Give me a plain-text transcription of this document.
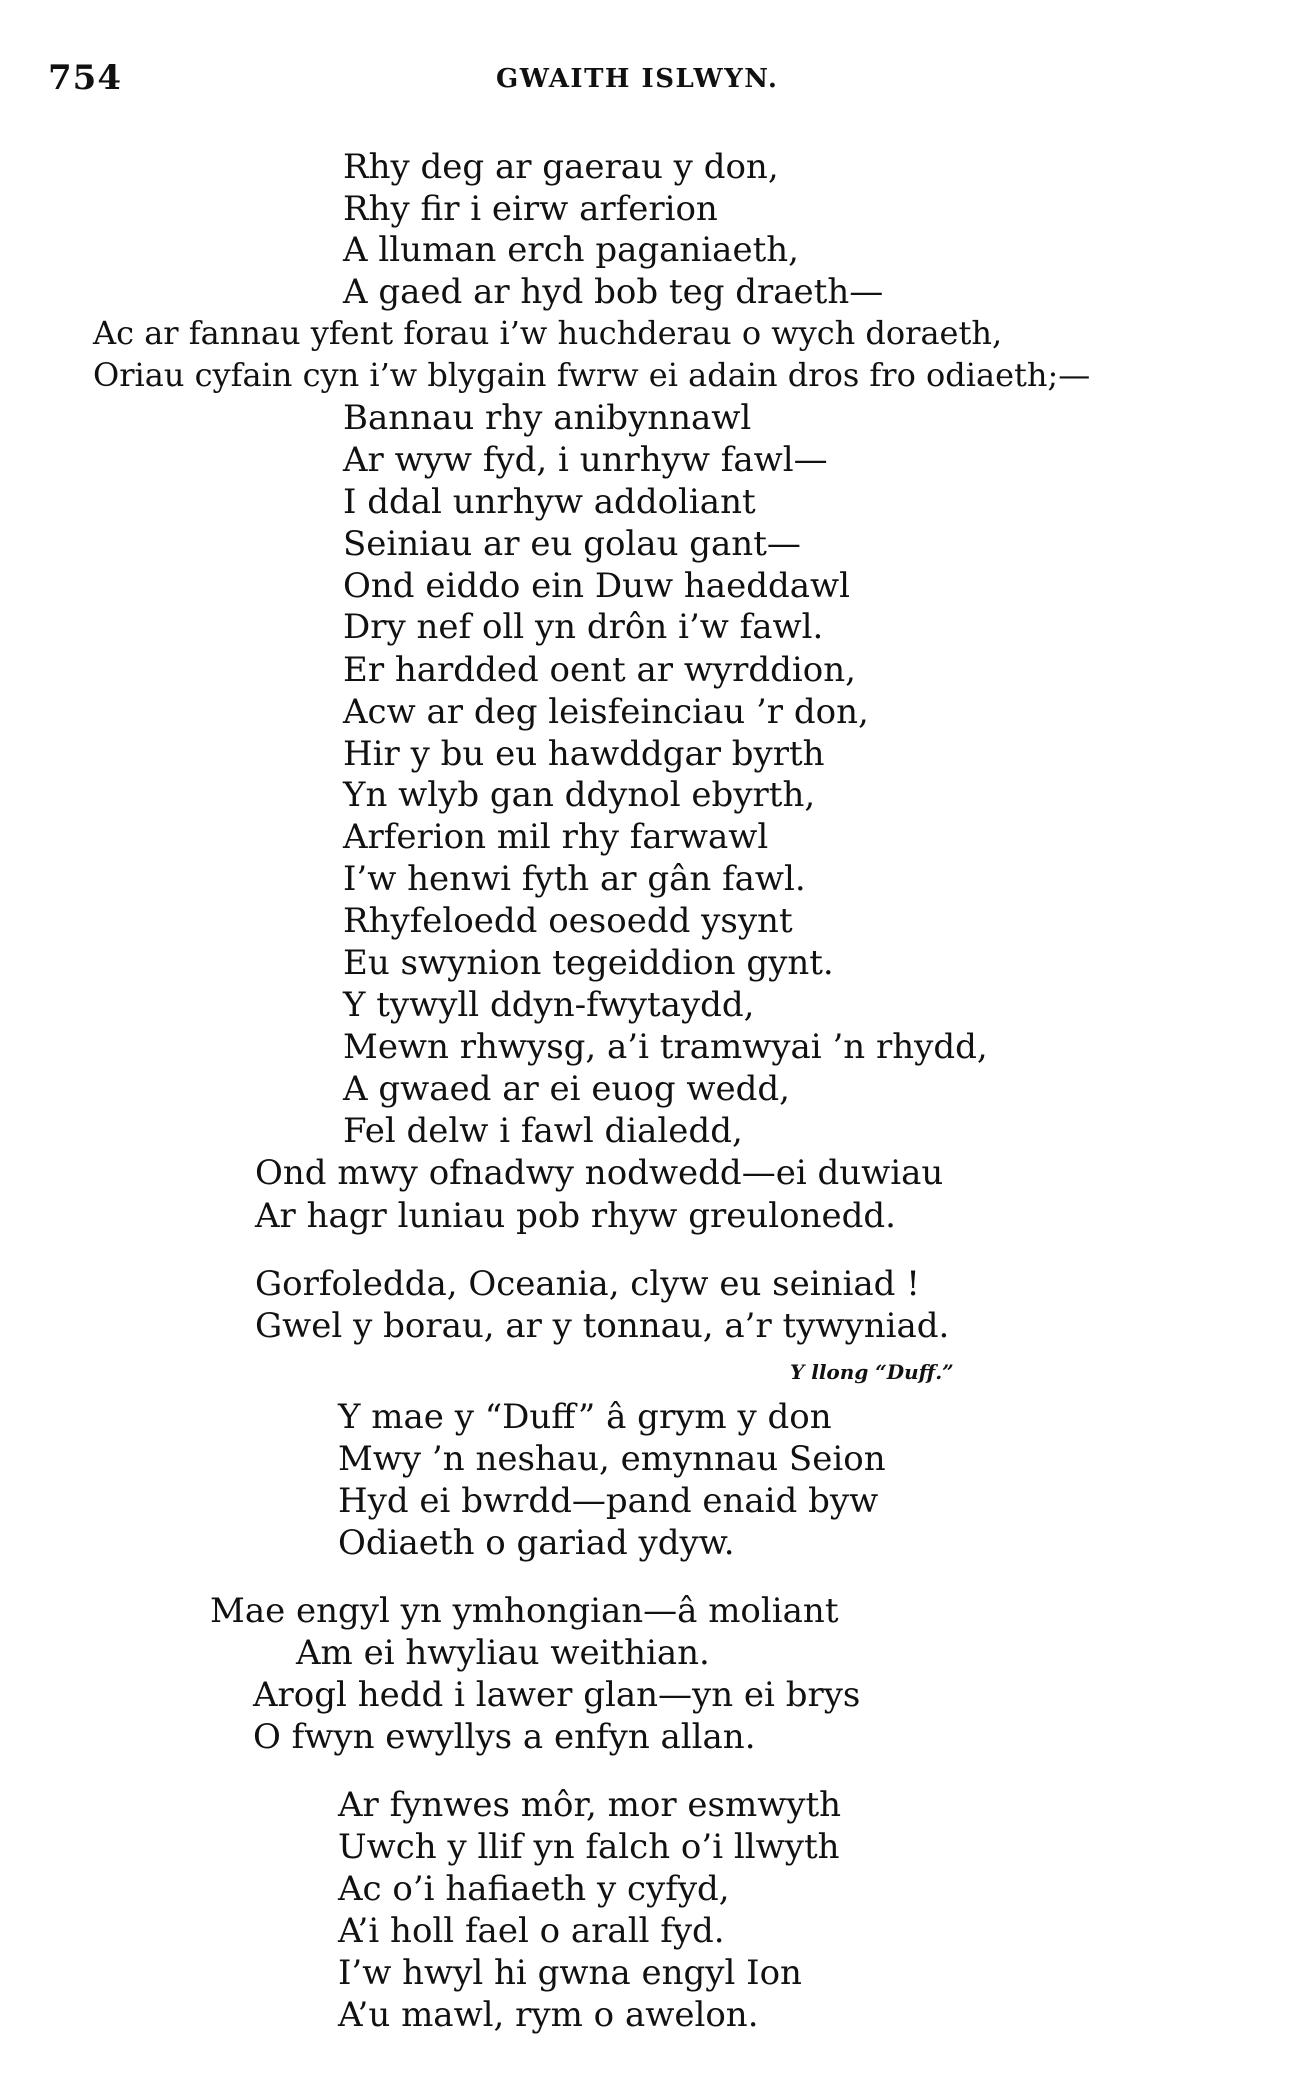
754	GWAITH ISLWYN.
Rhy deg ar gaerau y don,
Rhy fir i eirw arferion
A lluman erch paganiaeth,
A gaed ar hyd bob teg draeth—
Ac ar fannau yfent forau i’w huchderau o wych doraeth,
Oriau cyfain cyn i’w blygain fwrw ei adain dros fro odiaeth;—
Bannau rhy anibynnawl
Ar wyw fyd, i unrhyw fawl—
I ddal unrhyw addoliant
Seiniau ar eu golau gant—
Ond eiddo ein Duw haeddawl
Dry nef oll yn drôn i’w fawl.
Er hardded oent ar wyrddion,
Acw ar deg leisfeinciau ’r don,
Hir y bu eu hawddgar byrth
Yn wlyb gan ddynol ebyrth,
Arferion mil rhy farwawl
I’w henwi fyth ar gân fawl.
Rhyfeloedd oesoedd ysynt
Eu swynion tegeiddion gynt.
Y tywyll ddyn-fwytaydd,
Mewn rhwysg, a’i tramwyai ’n rhydd,
A gwaed ar ei euog wedd,
Fel delw i fawl dialedd,
Ond mwy ofnadwy nodwedd—ei duwiau
Ar hagr luniau pob rhyw greulonedd.
Gorfoledda, Oceania, clyw eu seiniad !
Gwel y borau, ar y tonnau, a’r tywyniad.
Y llong “Duff.”
Y mae y “Duff” â grym y don
Mwy ’n neshau, emynnau Seion
Hyd ei bwrdd—pand enaid byw
Odiaeth o gariad ydyw.
Mae engyl yn ymhongian—â moliant
Am ei hwyliau weithian.
Arogl hedd i lawer glan—yn ei brys
O fwyn ewyllys a enfyn allan.
Ar fynwes môr, mor esmwyth
Uwch y llif yn falch o’i llwyth
Ac o’i hafiaeth y cyfyd,
A’i holl fael o arall fyd.
I’w hwyl hi gwna engyl Ion
A’u mawl, rym o awelon.
